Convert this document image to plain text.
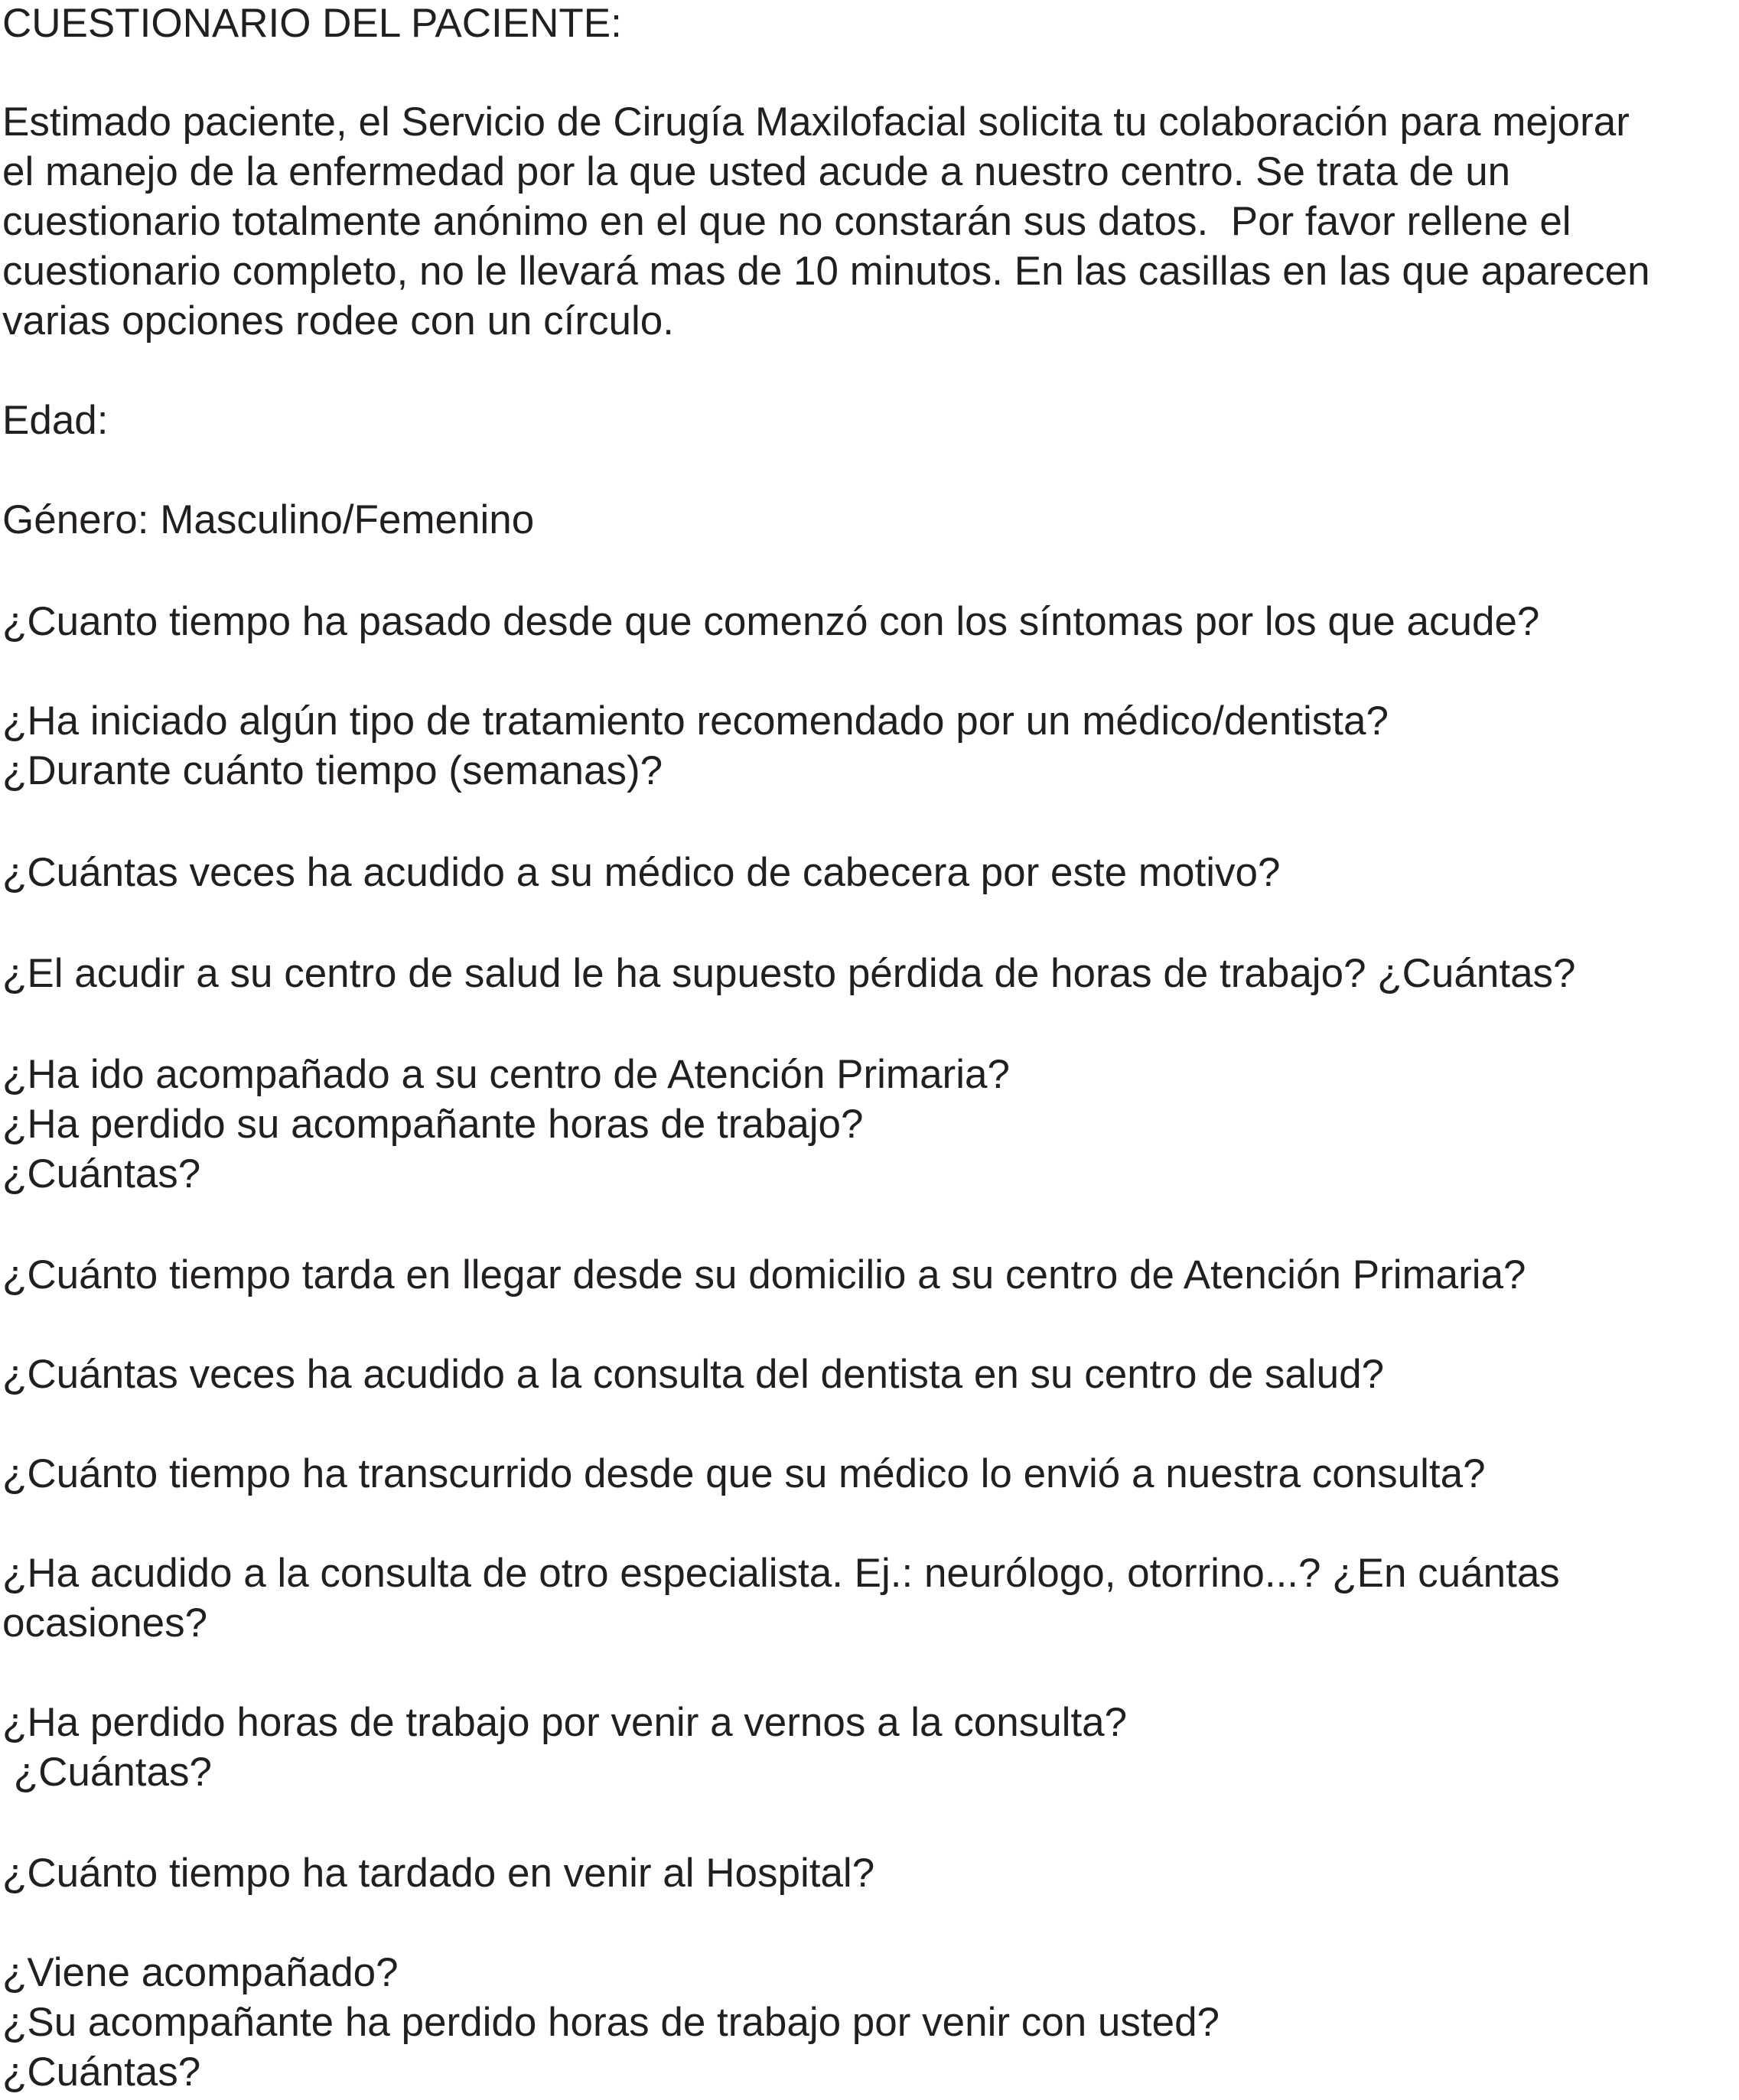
CUESTIONARIO DEL PACIENTE:

Estimado paciente, el Servicio de Cirugía Maxilofacial solicita tu colaboración para mejorar

el manejo de la enfermedad por la que usted acude a nuestro centro. Se trata de un

cuestionario totalmente anónimo en el que no constarán sus datos.  Por favor rellene el

cuestionario completo, no le llevará mas de 10 minutos. En las casillas en las que aparecen

varias opciones rodee con un círculo.

Edad:

Género: Masculino/Femenino

¿Cuanto tiempo ha pasado desde que comenzó con los síntomas por los que acude?

¿Ha iniciado algún tipo de tratamiento recomendado por un médico/dentista?

¿Durante cuánto tiempo (semanas)?

¿Cuántas veces ha acudido a su médico de cabecera por este motivo?

¿El acudir a su centro de salud le ha supuesto pérdida de horas de trabajo? ¿Cuántas?

¿Ha ido acompañado a su centro de Atención Primaria?

¿Ha perdido su acompañante horas de trabajo?

¿Cuántas?

¿Cuánto tiempo tarda en llegar desde su domicilio a su centro de Atención Primaria?

¿Cuántas veces ha acudido a la consulta del dentista en su centro de salud?

¿Cuánto tiempo ha transcurrido desde que su médico lo envió a nuestra consulta?

¿Ha acudido a la consulta de otro especialista. Ej.: neurólogo, otorrino...? ¿En cuántas

ocasiones?

¿Ha perdido horas de trabajo por venir a vernos a la consulta?

¿Cuántas?

¿Cuánto tiempo ha tardado en venir al Hospital?

¿Viene acompañado?

¿Su acompañante ha perdido horas de trabajo por venir con usted?

¿Cuántas?
